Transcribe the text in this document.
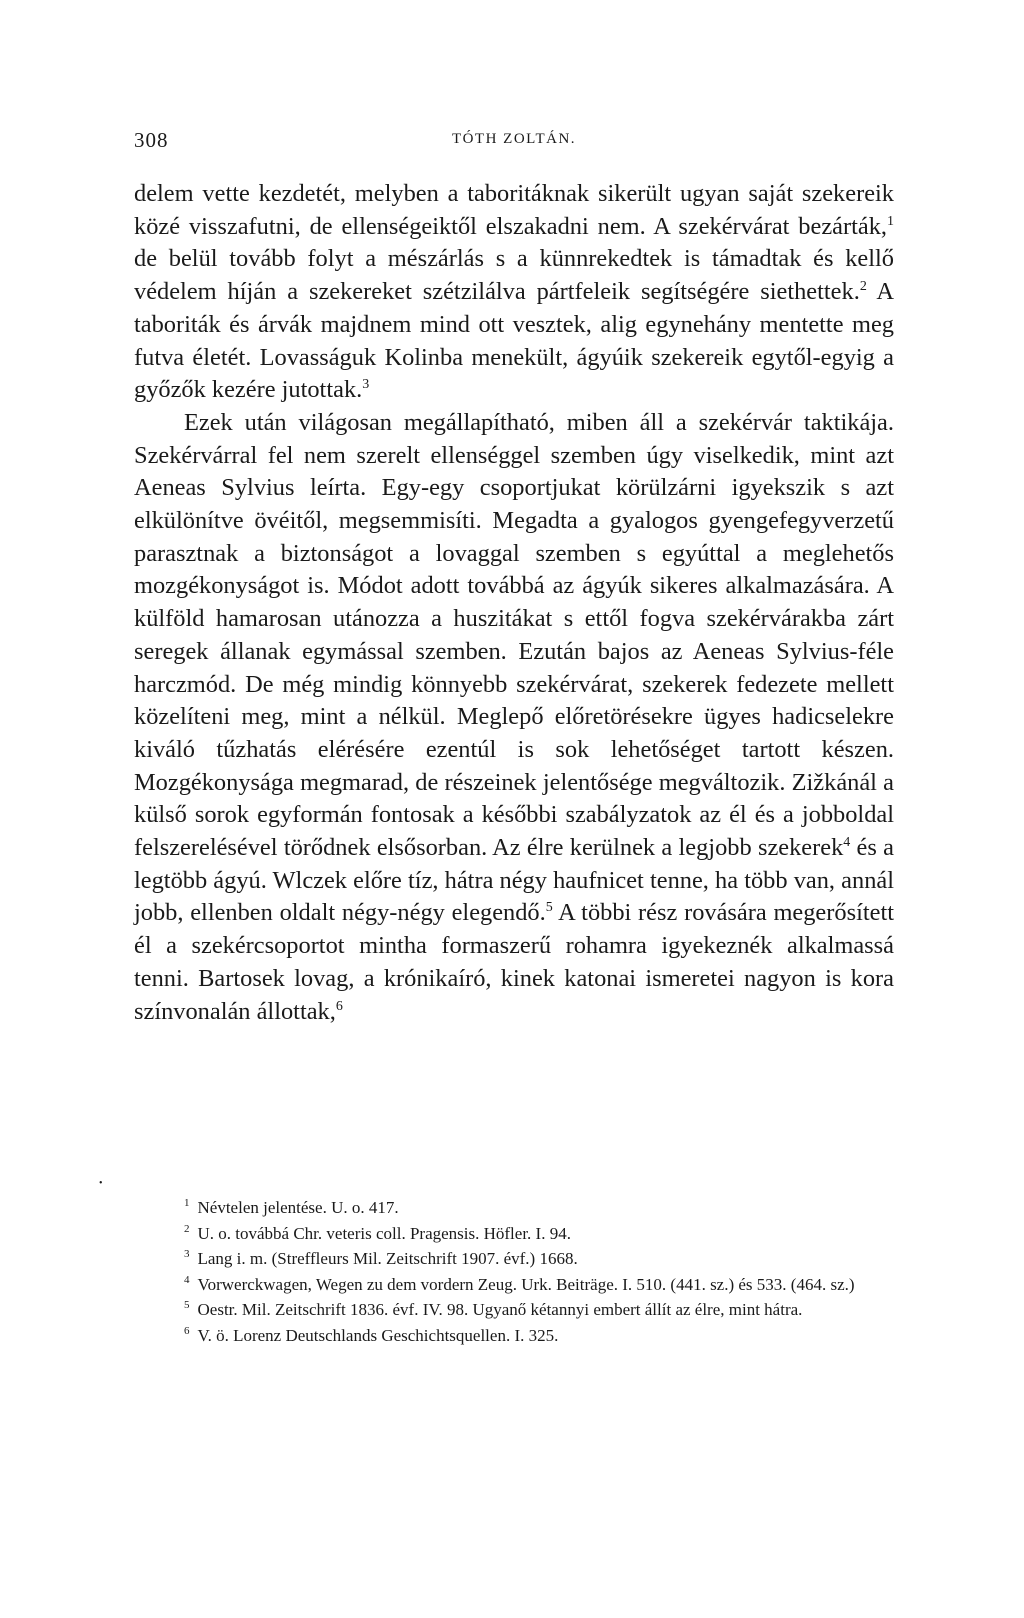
308	TÓTH ZOLTÁN.

delem vette kezdetét, melyben a taboritáknak sikerült ugyan saját szekereik közé visszafutni, de ellenségeiktől elszakadni nem. A szekérvárat bezárták,$^1$ de belül tovább folyt a mészárlás s a künnrekedtek is támadtak és kellő védelem híján a szekereket szétzilálva pártfeleik segítségére siethettek.$^2$ A taboriták és árvák majdnem mind ott vesztek, alig egynehány mentette meg futva életét. Lovasságuk Kolinba menekült, ágyúik szekereik egytől-egyig a győzők kezére jutottak.$^3$

Ezek után világosan megállapítható, miben áll a szekérvár taktikája. Szekérvárral fel nem szerelt ellenséggel szemben úgy viselkedik, mint azt Aeneas Sylvius leírta. Egy-egy csoportjukat körülzárni igyekszik s azt elkülönítve övéitől, megsemmisíti. Megadta a gyalogos gyengefegyverzetű parasztnak a biztonságot a lovaggal szemben s egyúttal a meglehetős mozgékonyságot is. Módot adott továbbá az ágyúk sikeres alkalmazására. A külföld hamarosan utánozza a huszitákat s ettől fogva szekérvárakba zárt seregek állanak egymással szemben. Ezután bajos az Aeneas Sylvius-féle harczmód. De még mindig könnyebb szekérvárat, szekerek fedezete mellett közelíteni meg, mint a nélkül. Meglepő előretörésekre ügyes hadicselekre kiváló tűzhatás elérésére ezentúl is sok lehetőséget tartott készen. Mozgékonysága megmarad, de részeinek jelentősége megváltozik. Zižkánál a külső sorok egyformán fontosak a későbbi szabályzatok az él és a jobboldal felszerelésével törődnek elsősorban. Az élre kerülnek a legjobb szekerek$^4$ és a legtöbb ágyú. Wlczek előre tíz, hátra négy haufnicet tenne, ha több van, annál jobb, ellenben oldalt négy-négy elegendő.$^5$ A többi rész rovására megerősített él a szekércsoportot mintha formaszerű rohamra igyekeznék alkalmassá tenni. Bartosek lovag, a krónikaíró, kinek katonai ismeretei nagyon is kora színvonalán állottak,$^6$

•

$^1$ Névtelen jelentése. U. o. 417.

$^2$ U. o. továbbá Chr. veteris coll. Pragensis. Höfler. I. 94.

$^3$ Lang i. m. (Streffleurs Mil. Zeitschrift 1907. évf.) 1668.

$^4$ Vorwerckwagen, Wegen zu dem vordern Zeug. Urk. Beiträge. I. 510. (441. sz.) és 533. (464. sz.)

$^5$ Oestr. Mil. Zeitschrift 1836. évf. IV. 98. Ugyanő kétannyi embert állít az élre, mint hátra.

$^6$ V. ö. Lorenz Deutschlands Geschichtsquellen. I. 325.
